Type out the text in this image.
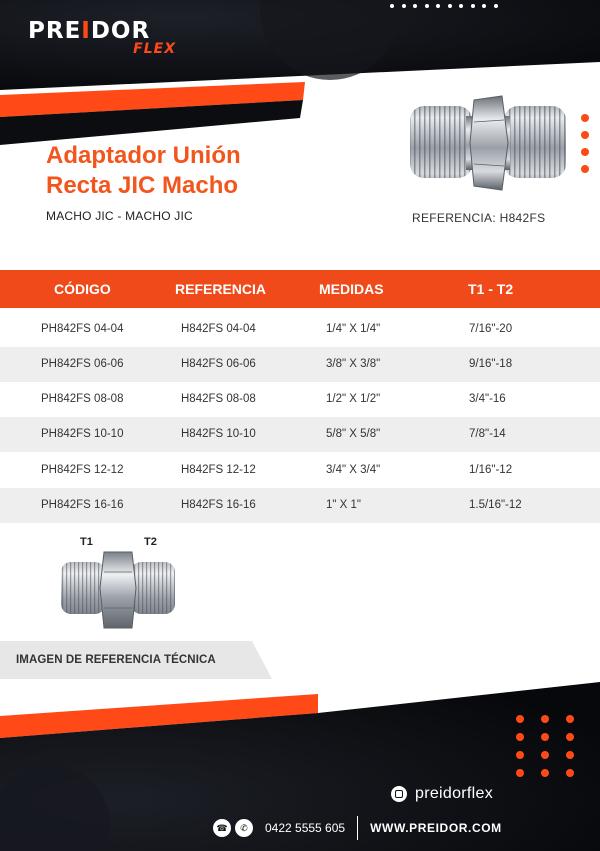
PREIDOR
FLEX
Adaptador Unión
Recta JIC Macho
MACHO JIC - MACHO JIC	REFERENCIA: H842FS
CÓDIGO	REFERENCIA	MEDIDAS	T1 - T2
PH842FS 04-04	H842FS 04-04	1/4" X 1/4"	7/16"-20
PH842FS 06-06	H842FS 06-06	3/8" X 3/8"	9/16"-18
PH842FS 08-08	H842FS 08-08	1/2" X 1/2"	3/4"-16
PH842FS 10-10	H842FS 10-10	5/8" X 5/8"	7/8"-14
PH842FS 12-12	H842FS 12-12	3/4" X 3/4"	1/16"-12
PH842FS 16-16	H842FS 16-16	1" X 1"	1.5/16"-12
T1	T2
IMAGEN DE REFERENCIA TÉCNICA
preidorflex
☎	✆	0422 5555 605 WWW.PREIDOR.COM
